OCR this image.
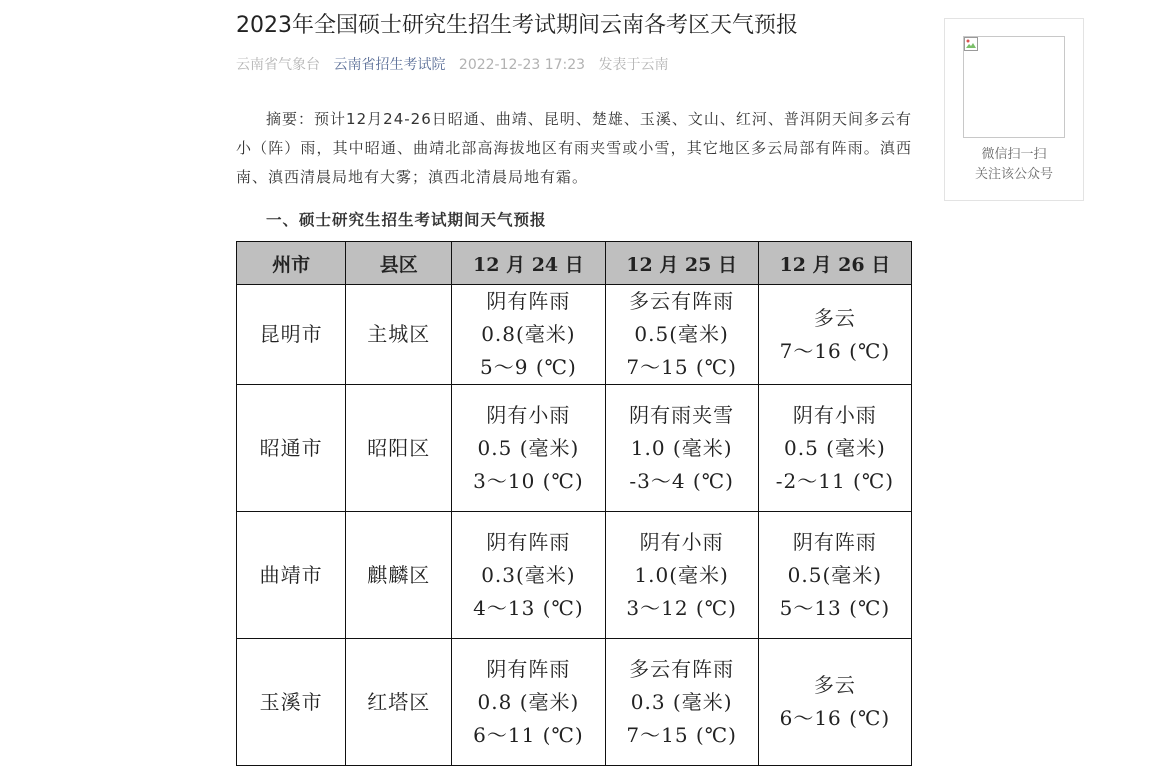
2023年全国硕士研究生招生考试期间云南各考区天气预报
云南省气象台 云南省招生考试院 2022-12-23 17:23 发表于云南

摘要：预计12月24-26日昭通、曲靖、昆明、楚雄、玉溪、文山、红河、普洱阴天间多云有小（阵）雨，其中昭通、曲靖北部高海拔地区有雨夹雪或小雪，其它地区多云局部有阵雨。滇西南、滇西清晨局地有大雾；滇西北清晨局地有霜。

一、硕士研究生招生考试期间天气预报
州市	县区	12 月 24 日	12 月 25 日	12 月 26 日
昆明市	主城区	阴有阵雨
0.8(毫米)
5～9 (℃)	多云有阵雨
0.5(毫米)
7～15 (℃)	多云
7～16 (℃)

昭通市	昭阳区	阴有小雨
0.5 (毫米)
3～10 (℃)	阴有雨夹雪
1.0 (毫米)
-3～4 (℃)	阴有小雨
0.5 (毫米)
-2～11 (℃)

曲靖市	麒麟区	阴有阵雨
0.3(毫米)
4～13 (℃)	阴有小雨
1.0(毫米)
3～12 (℃)	阴有阵雨
0.5(毫米)
5～13 (℃)

玉溪市	红塔区	阴有阵雨
0.8 (毫米)
6～11 (℃)	多云有阵雨
0.3 (毫米)
7～15 (℃)	多云
6～16 (℃)
微信扫一扫
关注该公众号
